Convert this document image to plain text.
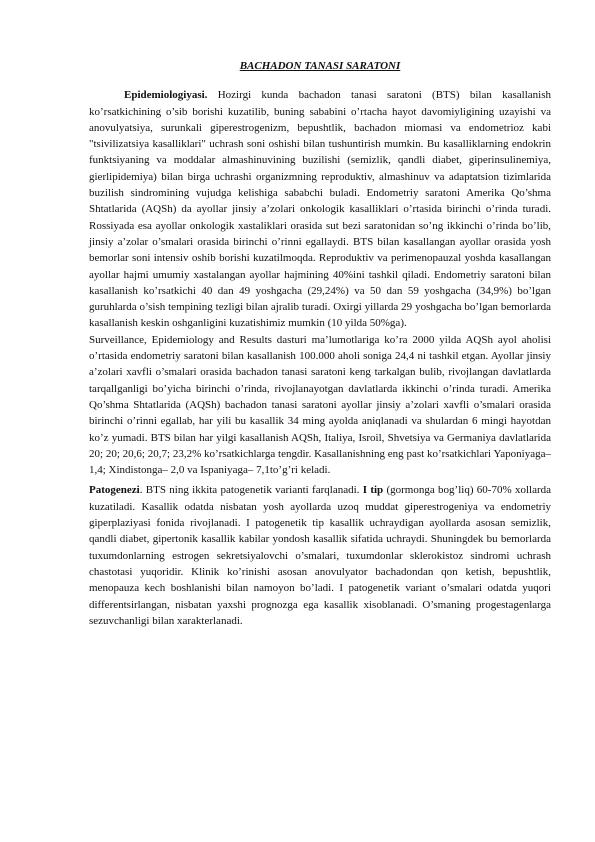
BACHADON TANASI SARATONI

Epidemiologiyasi. Hozirgi kunda bachadon tanasi saratoni (BTS) bilan kasallanish ko’rsatkichining o’sib borishi kuzatilib, buning sababini o’rtacha hayot davomiyligining uzayishi va anovulyatsiya, surunkali giperestrogenizm, bepushtlik, bachadon miomasi va endometrioz kabi "tsivilizatsiya kasalliklari" uchrash soni oshishi bilan tushuntirish mumkin. Bu kasalliklarning endokrin funktsiyaning va moddalar almashinuvining buzilishi (semizlik, qandli diabet, giperinsulinemiya, gierlipidemiya) bilan birga uchrashi organizmning reproduktiv, almashinuv va adaptatsion tizimlarida buzilish sindromining vujudga kelishiga sababchi buladi. Endometriy saratoni Amerika Qo’shma Shtatlarida (AQSh) da ayollar jinsiy a’zolari onkologik kasalliklari o’rtasida birinchi o’rinda turadi. Rossiyada esa ayollar onkologik xastaliklari orasida sut bezi saratonidan so’ng ikkinchi o’rinda bo’lib, jinsiy a’zolar o’smalari orasida birinchi o’rinni egallaydi. BTS bilan kasallangan ayollar orasida yosh bemorlar soni intensiv oshib borishi kuzatilmoqda. Reproduktiv va perimenopauzal yoshda kasallangan ayollar hajmi umumiy xastalangan ayollar hajmining 40%ini tashkil qiladi. Endometriy saratoni bilan kasallanish ko’rsatkichi 40 dan 49 yoshgacha (29,24%) va 50 dan 59 yoshgacha (34,9%) bo’lgan guruhlarda o’sish tempining tezligi bilan ajralib turadi. Oxirgi yillarda 29 yoshgacha bo’lgan bemorlarda kasallanish keskin oshganligini kuzatishimiz mumkin (10 yilda 50%ga).

Surveillance, Epidemiology and Results dasturi ma’lumotlariga ko’ra 2000 yilda AQSh ayol aholisi o’rtasida endometriy saratoni bilan kasallanish 100.000 aholi soniga 24,4 ni tashkil etgan. Ayollar jinsiy a’zolari xavfli o’smalari orasida bachadon tanasi saratoni keng tarkalgan bulib, rivojlangan davlatlarda tarqallganligi bo’yicha birinchi o’rinda, rivojlanayotgan davlatlarda ikkinchi o’rinda turadi. Amerika Qo’shma Shtatlarida (AQSh) bachadon tanasi saratoni ayollar jinsiy a’zolari xavfli o’smalari orasida birinchi o’rinni egallab, har yili bu kasallik 34 ming ayolda aniqlanadi va shulardan 6 mingi hayotdan ko’z yumadi. BTS bilan har yilgi kasallanish AQSh, Italiya, Isroil, Shvetsiya va Germaniya davlatlarida 20; 20; 20,6; 20,7; 23,2% ko’rsatkichlarga tengdir. Kasallanishning eng past ko’rsatkichlari Yaponiyaga–1,4; Xindistonga– 2,0 va Ispaniyaga– 7,1to’g’ri keladi.

Patogenezi. BTS ning ikkita patogenetik varianti farqlanadi. I tip (gormonga bog’liq) 60-70% xollarda kuzatiladi. Kasallik odatda nisbatan yosh ayollarda uzoq muddat giperestrogeniya va endometriy giperplaziyasi fonida rivojlanadi. I patogenetik tip kasallik uchraydigan ayollarda asosan semizlik, qandli diabet, gipertonik kasallik kabilar yondosh kasallik sifatida uchraydi. Shuningdek bu bemorlarda tuxumdonlarning estrogen sekretsiyalovchi o’smalari, tuxumdonlar sklerokistoz sindromi uchrash chastotasi yuqoridir. Klinik ko’rinishi asosan anovulyator bachadondan qon ketish, bepushtlik, menopauza kech boshlanishi bilan namoyon bo’ladi. I patogenetik variant o’smalari odatda yuqori differentsirlangan, nisbatan yaxshi prognozga ega kasallik xisoblanadi. O’smaning progestagenlarga sezuvchanligi bilan xarakterlanadi.
